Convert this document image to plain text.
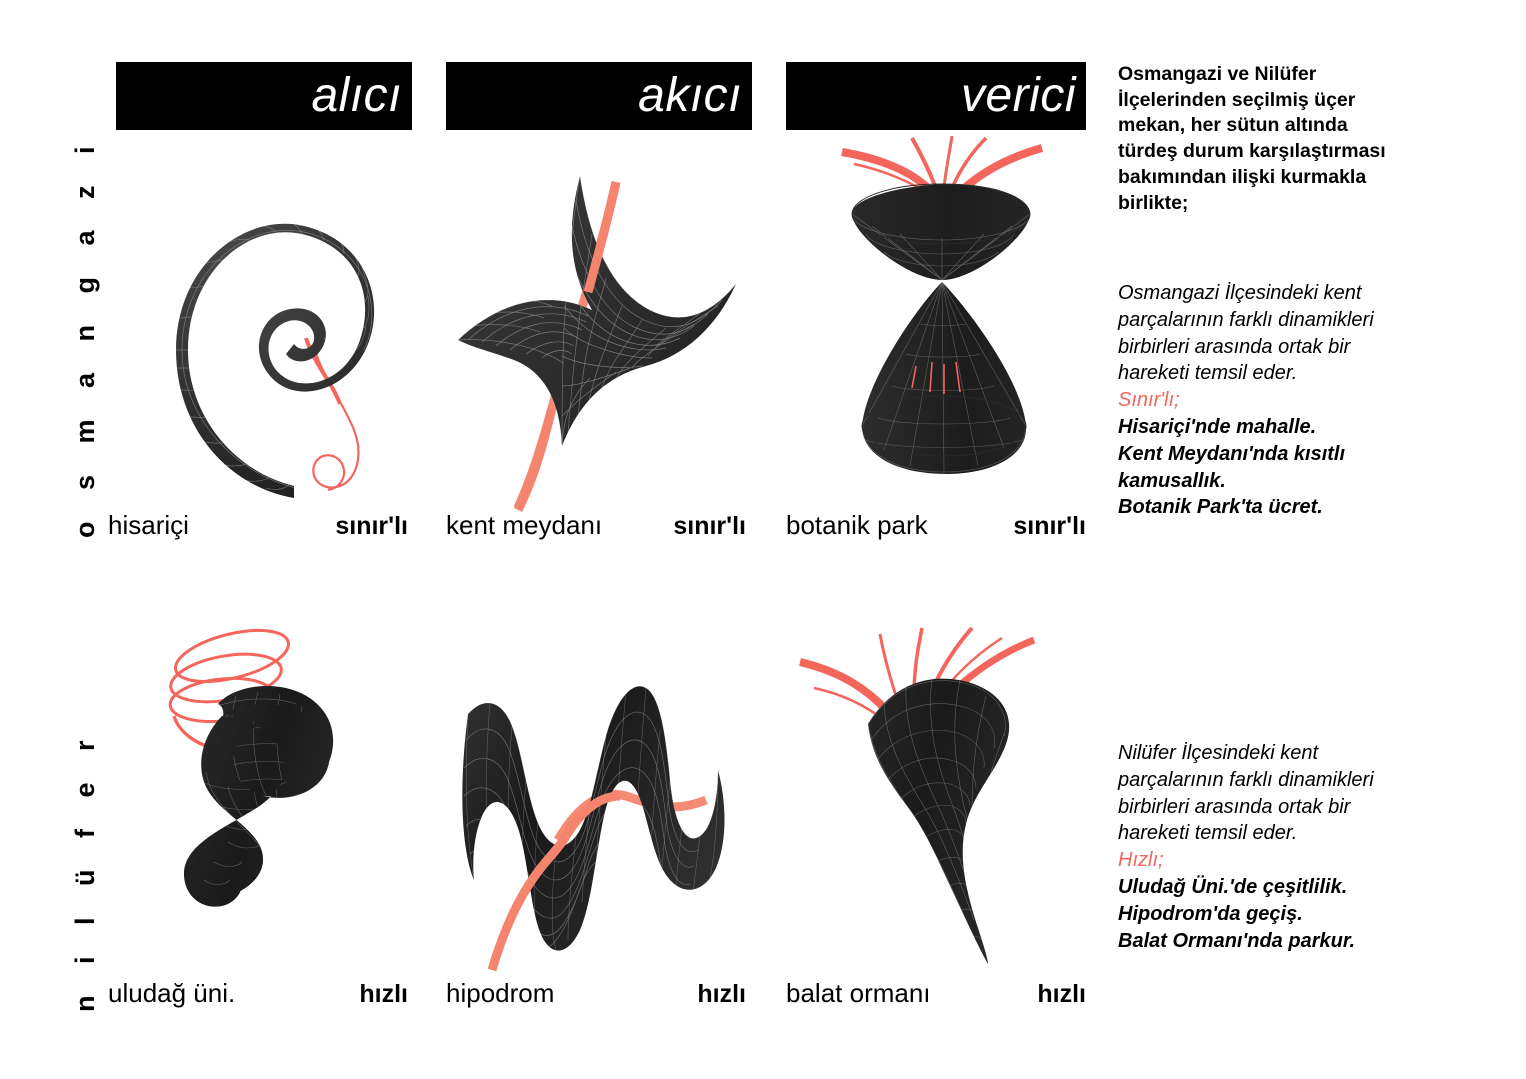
o s m a n g a z i
n i l ü f e r
alıcı	akıcı	verici
hisariçi	sınır'lı kent meydanı	sınır'lı botanik park	sınır'lı
uludağ üni.	hızlı hipodrom	hızlı balat ormanı	hızlı

Osmangazi ve Nilüfer İlçelerinden seçilmiş üçer mekan, her sütun altında türdeş durum karşılaştırması bakımından ilişki kurmakla birlikte;

Osmangazi İlçesindeki kent parçalarının farklı dinamikleri birbirleri arasında ortak bir hareketi temsil eder.

Sınır'lı;

Hisariçi'nde mahalle.

Kent Meydanı'nda kısıtlı kamusallık.

Botanik Park'ta ücret.

Nilüfer İlçesindeki kent parçalarının farklı dinamikleri birbirleri arasında ortak bir hareketi temsil eder.

Hızlı;

Uludağ Üni.'de çeşitlilik.

Hipodrom'da geçiş.

Balat Ormanı'nda parkur.
